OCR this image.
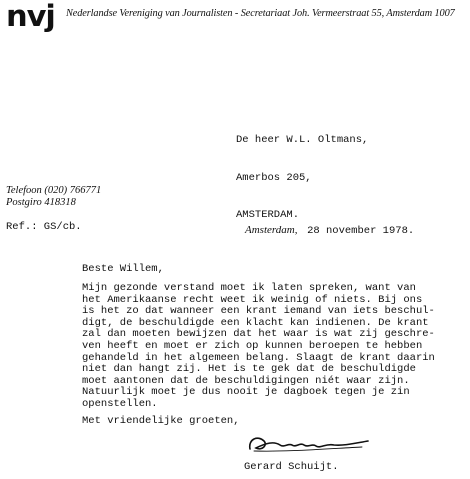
nvj Nederlandse Vereniging van Journalisten - Secretariaat Joh. Vermeerstraat 55, Amsterdam 1007

De heer W.L. Oltmans,

Amerbos 205,

AMSTERDAM.

Telefoon (020) 766771
Postgiro 418318
Ref.: GS/cb.	Amsterdam, 28 november 1978.
Beste Willem,
Mijn gezonde verstand moet ik laten spreken, want van
het Amerikaanse recht weet ik weinig of niets. Bij ons
is het zo dat wanneer een krant iemand van iets beschul-
digt, de beschuldigde een klacht kan indienen. De krant
zal dan moeten bewijzen dat het waar is wat zij geschre-
ven heeft en moet er zich op kunnen beroepen te hebben
gehandeld in het algemeen belang. Slaagt de krant daarin
niet dan hangt zij. Het is te gek dat de beschuldigde
moet aantonen dat de beschuldigingen niét waar zijn.
Natuurlijk moet je dus nooit je dagboek tegen je zin
openstellen.
Met vriendelijke groeten,
Gerard Schuijt.
